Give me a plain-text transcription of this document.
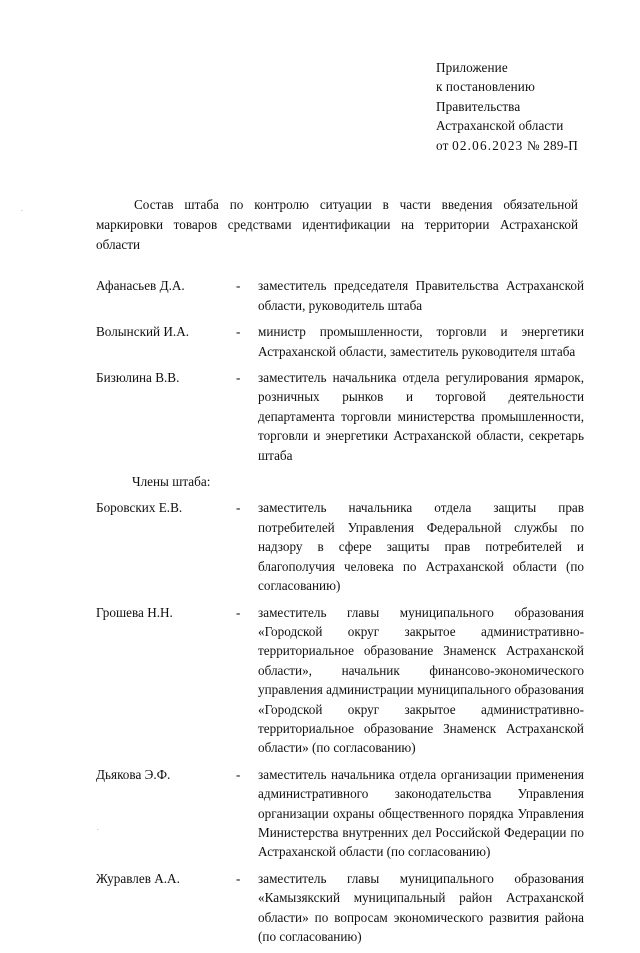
Приложение
к постановлению
Правительства
Астраханской области
от 02.06.2023 № 289-П
Состав штаба по контролю ситуации в части введения обязательной маркировки товаров средствами идентификации на территории Астраханской области
Афанасьев Д.А.	-	заместитель председателя Правительства Астраханской области, руководитель штаба
Волынский И.А.	-	министр промышленности, торговли и энергетики Астраханской области, заместитель руководителя штаба
Бизюлина В.В.	-	заместитель начальника отдела регулирования ярмарок, розничных рынков и торговой деятельности департамента торговли министерства промышленности, торговли и энергетики Астраханской области, секретарь штаба
Члены штаба:		
Боровских Е.В.	-	заместитель начальника отдела защиты прав потребителей Управления Федеральной службы по надзору в сфере защиты прав потребителей и благополучия человека по Астраханской области (по согласованию)
Грошева Н.Н.	-	заместитель главы муниципального образования «Городской округ закрытое административно-территориальное образование Знаменск Астраханской области», начальник финансово-экономического управления администрации муниципального образования «Городской округ закрытое административно-территориальное образование Знаменск Астраханской области» (по согласованию)
Дьякова Э.Ф.	-	заместитель начальника отдела организации применения административного законодательства Управления организации охраны общественного порядка Управления Министерства внутренних дел Российской Федерации по Астраханской области (по согласованию)
Журавлев А.А.	-	заместитель главы муниципального образования «Камызякский муниципальный район Астраханской области» по вопросам экономического развития района (по согласованию)
·
·
